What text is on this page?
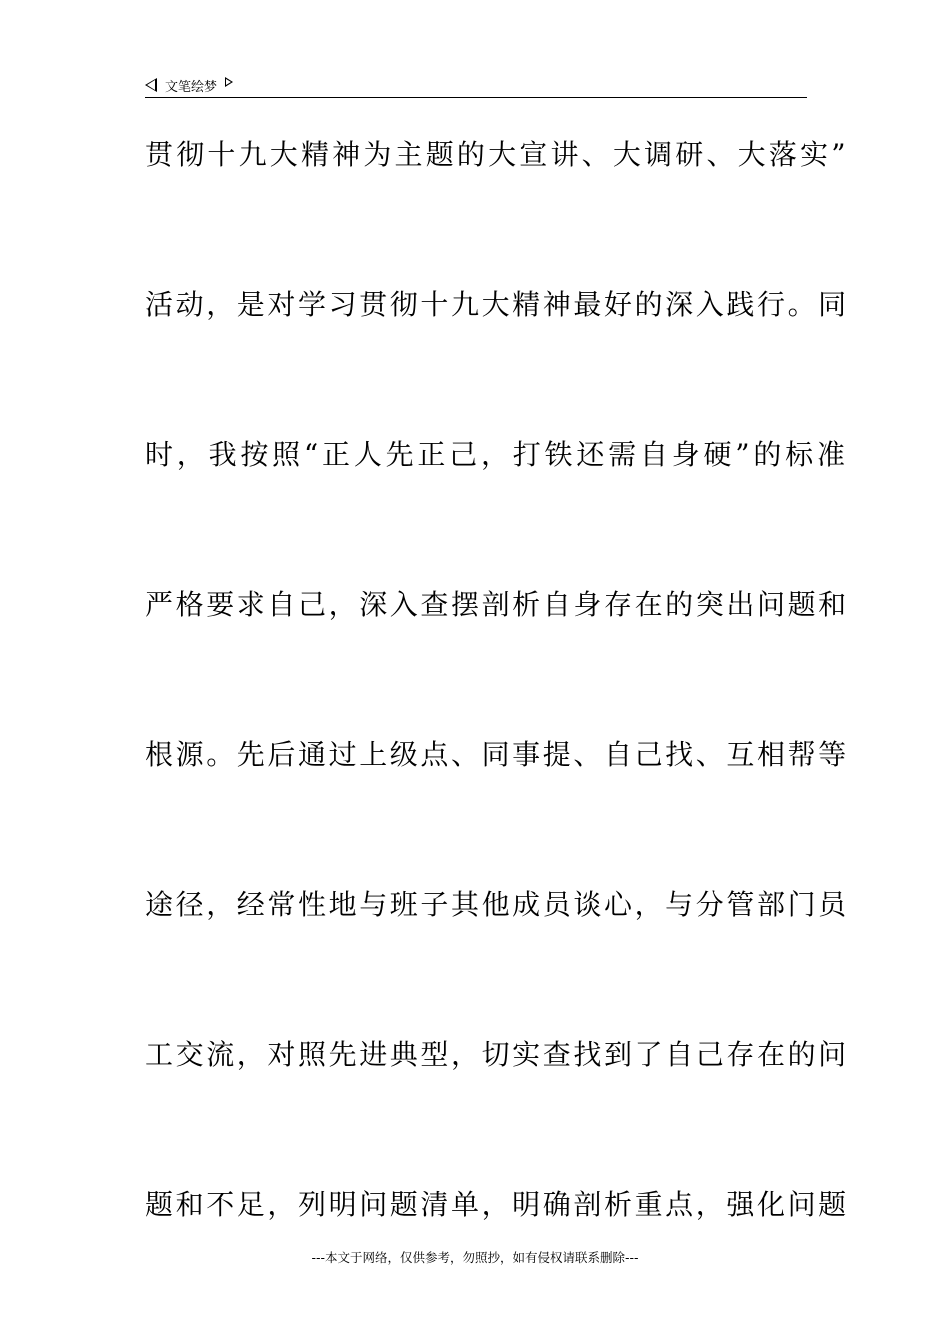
文笔绘梦
贯彻十九大精神为主题的大宣讲、大调研、大落实”
活动，是对学习贯彻十九大精神最好的深入践行。同
时，我按照“正人先正己，打铁还需自身硬”的标准
严格要求自己，深入查摆剖析自身存在的突出问题和
根源。先后通过上级点、同事提、自己找、互相帮等
途径，经常性地与班子其他成员谈心，与分管部门员
工交流，对照先进典型，切实查找到了自己存在的问
题和不足，列明问题清单，明确剖析重点，强化问题
---本文于网络，仅供参考，勿照抄，如有侵权请联系删除---
